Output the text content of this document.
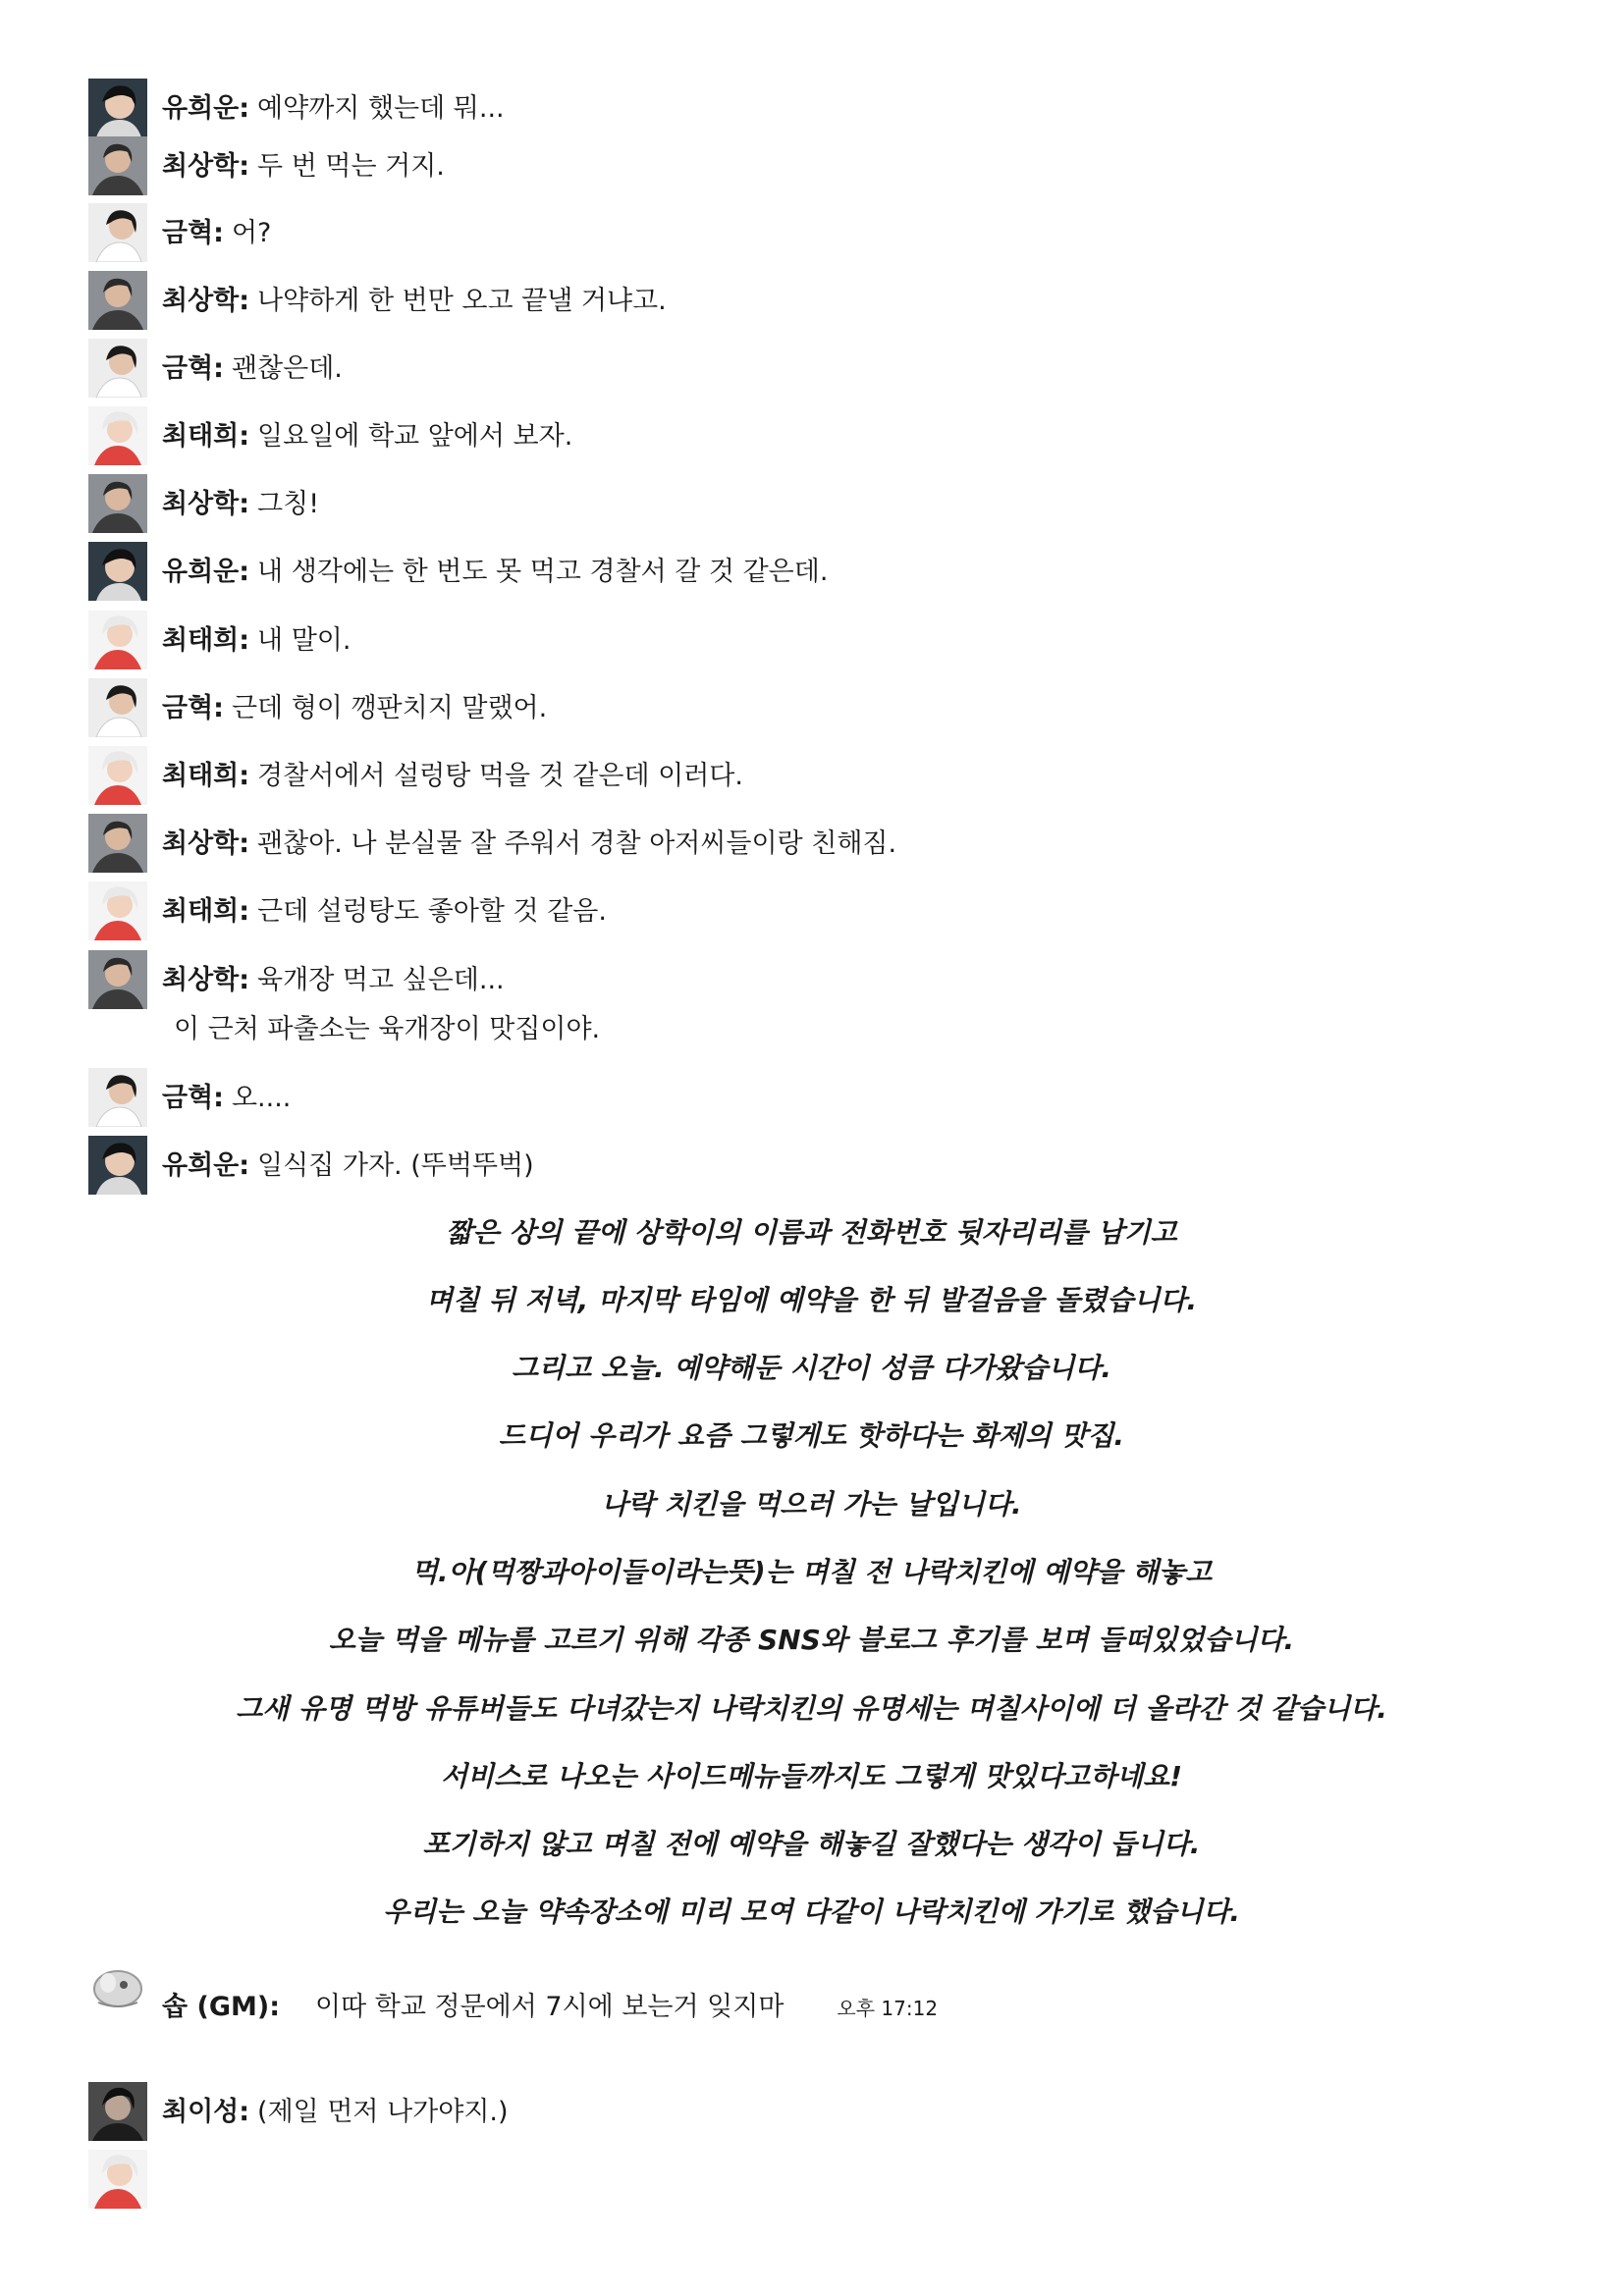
유희운: 예약까지 했는데 뭐...
최상학: 두 번 먹는 거지.
금혁: 어?
최상학: 나약하게 한 번만 오고 끝낼 거냐고.
금혁: 괜찮은데.
최태희: 일요일에 학교 앞에서 보자.
최상학: 그칭!
유희운: 내 생각에는 한 번도 못 먹고 경찰서 갈 것 같은데.
최태희: 내 말이.
금혁: 근데 형이 깽판치지 말랬어.
최태희: 경찰서에서 설렁탕 먹을 것 같은데 이러다.
최상학: 괜찮아. 나 분실물 잘 주워서 경찰 아저씨들이랑 친해짐.
최태희: 근데 설렁탕도 좋아할 것 같음.
최상학: 육개장 먹고 싶은데...
이 근처 파출소는 육개장이 맛집이야.
금혁: 오....
유희운: 일식집 가자. (뚜벅뚜벅)
짧은 상의 끝에 상학이의 이름과 전화번호 뒷자리리를 남기고
며칠 뒤 저녁, 마지막 타임에 예약을 한 뒤 발걸음을 돌렸습니다.
그리고 오늘. 예약해둔 시간이 성큼 다가왔습니다.
드디어 우리가 요즘 그렇게도 핫하다는 화제의 맛집.
나락 치킨을 먹으러 가는 날입니다.
먹.아(먹짱과아이들이라는뜻)는 며칠 전 나락치킨에 예약을 해놓고
오늘 먹을 메뉴를 고르기 위해 각종 SNS와 블로그 후기를 보며 들떠있었습니다.
그새 유명 먹방 유튜버들도 다녀갔는지 나락치킨의 유명세는 며칠사이에 더 올라간 것 같습니다.
서비스로 나오는 사이드메뉴들까지도 그렇게 맛있다고하네요!
포기하지 않고 며칠 전에 예약을 해놓길 잘했다는 생각이 듭니다.
우리는 오늘 약속장소에 미리 모여 다같이 나락치킨에 가기로 했습니다.
솝 (GM): 이따 학교 정문에서 7시에 보는거 잊지마	오후 17:12
최이성: (제일 먼저 나가야지.)
